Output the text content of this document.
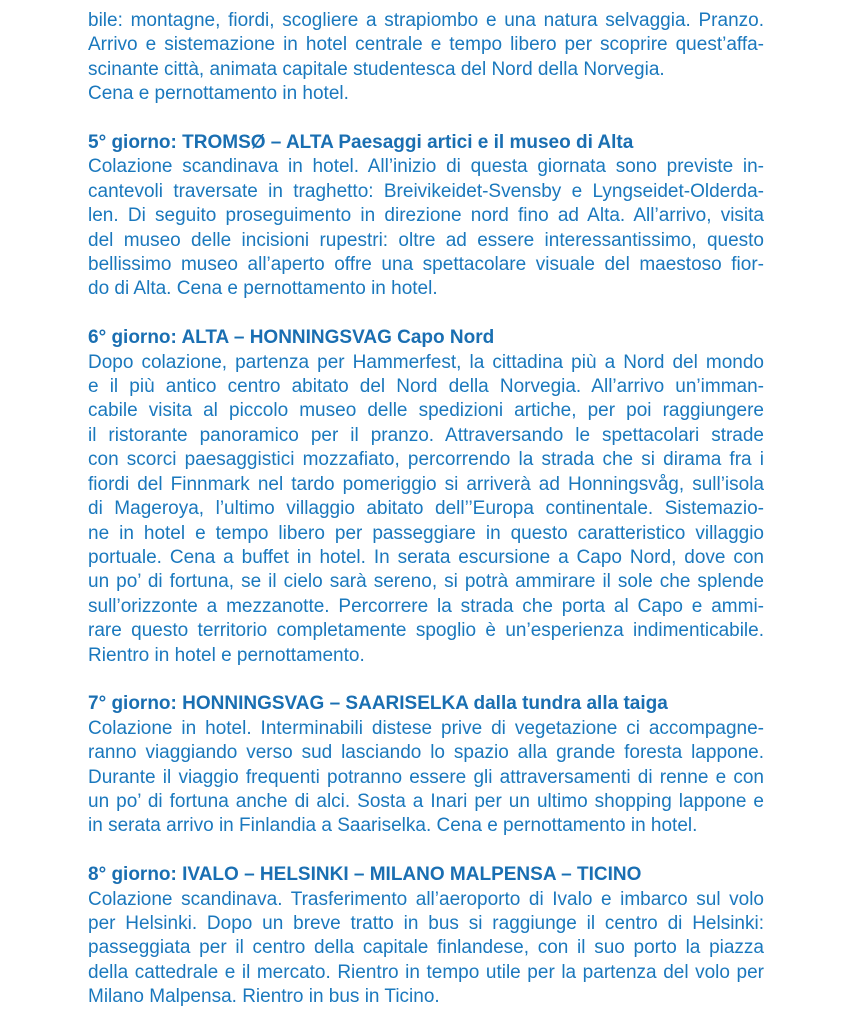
bile: montagne, fiordi, scogliere a strapiombo e una natura selvaggia. Pranzo.
Arrivo e sistemazione in hotel centrale e tempo libero per scoprire quest’affa-
scinante città, animata capitale studentesca del Nord della Norvegia.
Cena e pernottamento in hotel.
5° giorno: TROMSØ – ALTA Paesaggi artici e il museo di Alta
Colazione scandinava in hotel. All’inizio di questa giornata sono previste in-
cantevoli traversate in traghetto: Breivikeidet-Svensby e Lyngseidet-Olderda-
len. Di seguito proseguimento in direzione nord fino ad Alta. All’arrivo, visita
del museo delle incisioni rupestri: oltre ad essere interessantissimo, questo
bellissimo museo all’aperto offre una spettacolare visuale del maestoso fior-
do di Alta. Cena e pernottamento in hotel.
6° giorno: ALTA – HONNINGSVAG Capo Nord
Dopo colazione, partenza per Hammerfest, la cittadina più a Nord del mondo
e il più antico centro abitato del Nord della Norvegia. All’arrivo un’imman-
cabile visita al piccolo museo delle spedizioni artiche, per poi raggiungere
il ristorante panoramico per il pranzo. Attraversando le spettacolari strade
con scorci paesaggistici mozzafiato, percorrendo la strada che si dirama fra i
fiordi del Finnmark nel tardo pomeriggio si arriverà ad Honningsvåg, sull’isola
di Mageroya, l’ultimo villaggio abitato dell’’Europa continentale. Sistemazio-
ne in hotel e tempo libero per passeggiare in questo caratteristico villaggio
portuale. Cena a buffet in hotel. In serata escursione a Capo Nord, dove con
un po’ di fortuna, se il cielo sarà sereno, si potrà ammirare il sole che splende
sull’orizzonte a mezzanotte. Percorrere la strada che porta al Capo e ammi-
rare questo territorio completamente spoglio è un’esperienza indimenticabile.
Rientro in hotel e pernottamento.
7° giorno: HONNINGSVAG – SAARISELKA dalla tundra alla taiga
Colazione in hotel. Interminabili distese prive di vegetazione ci accompagne-
ranno viaggiando verso sud lasciando lo spazio alla grande foresta lappone.
Durante il viaggio frequenti potranno essere gli attraversamenti di renne e con
un po’ di fortuna anche di alci. Sosta a Inari per un ultimo shopping lappone e
in serata arrivo in Finlandia a Saariselka. Cena e pernottamento in hotel.
8° giorno: IVALO – HELSINKI – MILANO MALPENSA – TICINO
Colazione scandinava. Trasferimento all’aeroporto di Ivalo e imbarco sul volo
per Helsinki. Dopo un breve tratto in bus si raggiunge il centro di Helsinki:
passeggiata per il centro della capitale finlandese, con il suo porto la piazza
della cattedrale e il mercato. Rientro in tempo utile per la partenza del volo per
Milano Malpensa. Rientro in bus in Ticino.
